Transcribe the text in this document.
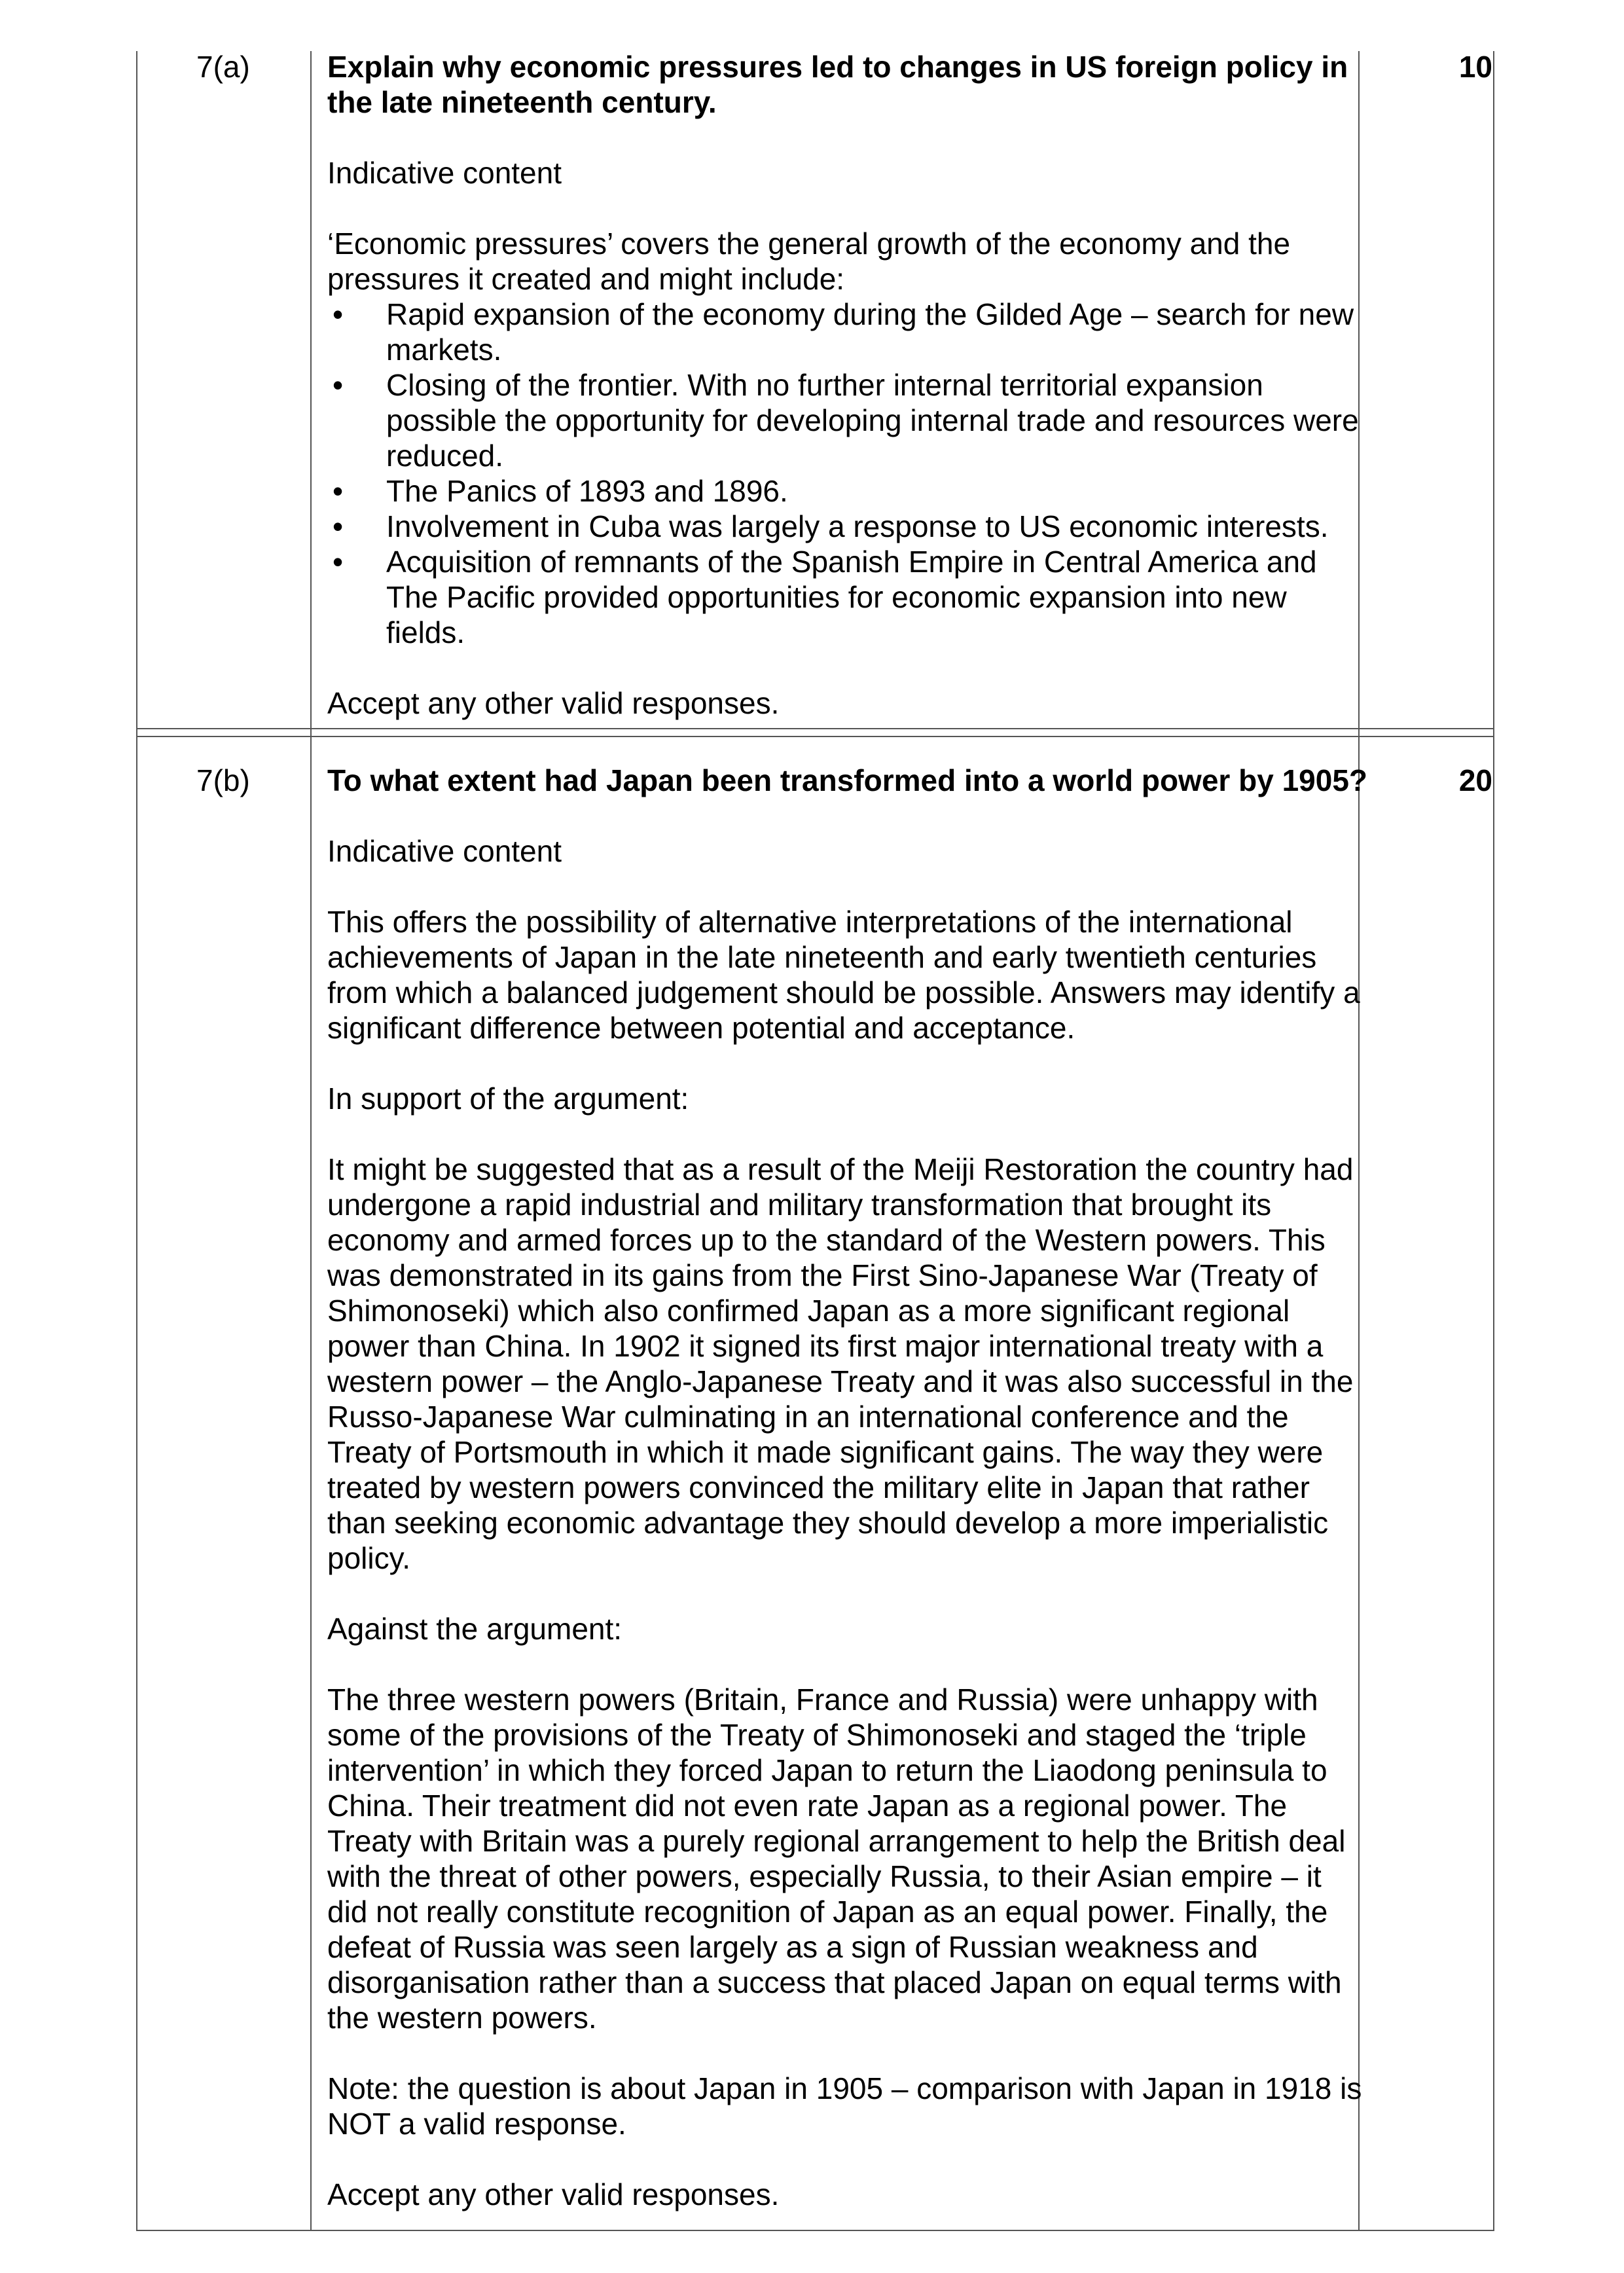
7(a)	Explain why economic pressures led to changes in US foreign policy in the late nineteenth century.

Indicative content

‘Economic pressures’ covers the general growth of the economy and the pressures it created and might include:

• Rapid expansion of the economy during the Gilded Age – search for new markets.
• Closing of the frontier. With no further internal territorial expansion possible the opportunity for developing internal trade and resources were reduced.
• The Panics of 1893 and 1896.
• Involvement in Cuba was largely a response to US economic interests.
• Acquisition of remnants of the Spanish Empire in Central America and The Pacific provided opportunities for economic expansion into new fields.

Accept any other valid responses.

10
7(b)	To what extent had Japan been transformed into a world power by 1905?

Indicative content

This offers the possibility of alternative interpretations of the international achievements of Japan in the late nineteenth and early twentieth centuries from which a balanced judgement should be possible. Answers may identify a significant difference between potential and acceptance.

In support of the argument:

It might be suggested that as a result of the Meiji Restoration the country had undergone a rapid industrial and military transformation that brought its economy and armed forces up to the standard of the Western powers. This was demonstrated in its gains from the First Sino-Japanese War (Treaty of Shimonoseki) which also confirmed Japan as a more significant regional power than China. In 1902 it signed its first major international treaty with a western power – the Anglo-Japanese Treaty and it was also successful in the Russo-Japanese War culminating in an international conference and the Treaty of Portsmouth in which it made significant gains. The way they were treated by western powers convinced the military elite in Japan that rather than seeking economic advantage they should develop a more imperialistic policy.

Against the argument:

The three western powers (Britain, France and Russia) were unhappy with some of the provisions of the Treaty of Shimonoseki and staged the ‘triple intervention’ in which they forced Japan to return the Liaodong peninsula to China. Their treatment did not even rate Japan as a regional power. The Treaty with Britain was a purely regional arrangement to help the British deal with the threat of other powers, especially Russia, to their Asian empire – it did not really constitute recognition of Japan as an equal power. Finally, the defeat of Russia was seen largely as a sign of Russian weakness and disorganisation rather than a success that placed Japan on equal terms with the western powers.

Note: the question is about Japan in 1905 – comparison with Japan in 1918 is NOT a valid response.

Accept any other valid responses.

20
